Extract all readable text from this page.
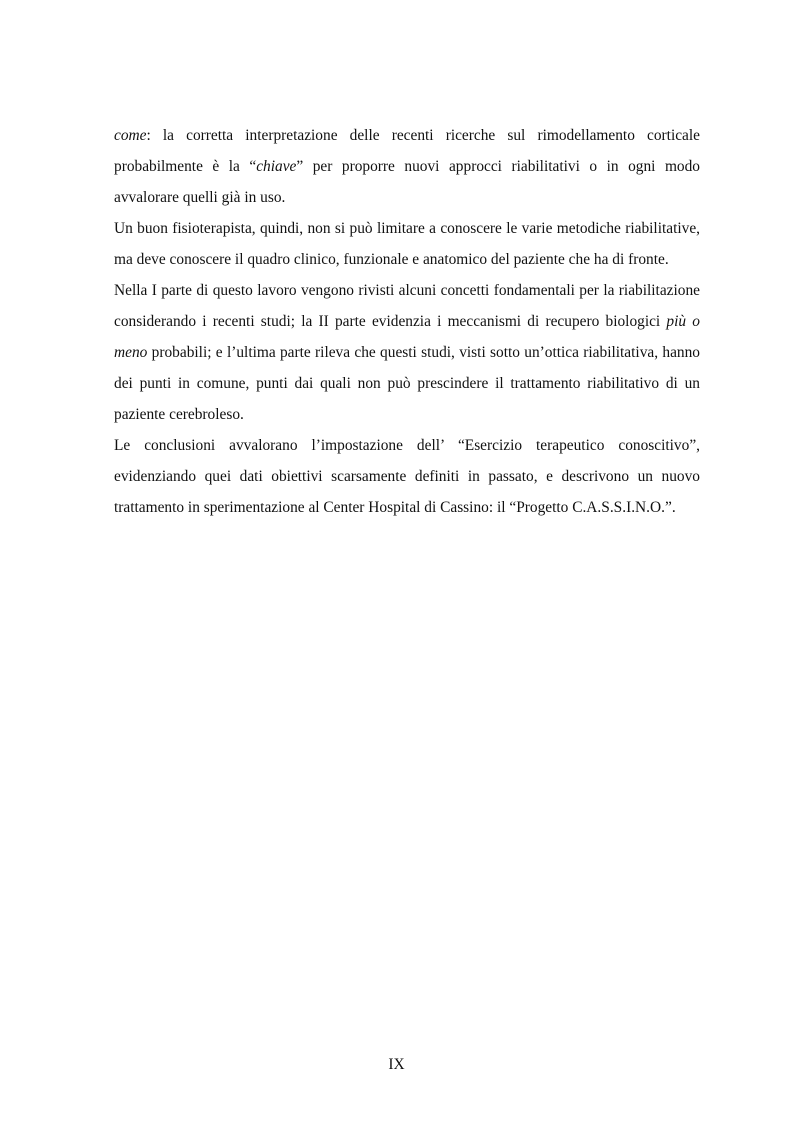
come: la corretta interpretazione delle recenti ricerche sul rimodellamento corticale probabilmente è la “chiave” per proporre nuovi approcci riabilitativi o in ogni modo avvalorare quelli già in uso.

Un buon fisioterapista, quindi, non si può limitare a conoscere le varie metodiche riabilitative, ma deve conoscere il quadro clinico, funzionale e anatomico del paziente che ha di fronte.

Nella I parte di questo lavoro vengono rivisti alcuni concetti fondamentali per la riabilitazione considerando i recenti studi; la II parte evidenzia i meccanismi di recupero biologici più o meno probabili; e l’ultima parte rileva che questi studi, visti sotto un’ottica riabilitativa, hanno dei punti in comune, punti dai quali non può prescindere il trattamento riabilitativo di un paziente cerebroleso.

Le conclusioni avvalorano l’impostazione dell’ “Esercizio terapeutico conoscitivo”, evidenziando quei dati obiettivi scarsamente definiti in passato, e descrivono un nuovo trattamento in sperimentazione al Center Hospital di Cassino: il “Progetto C.A.S.S.I.N.O.”.

IX
